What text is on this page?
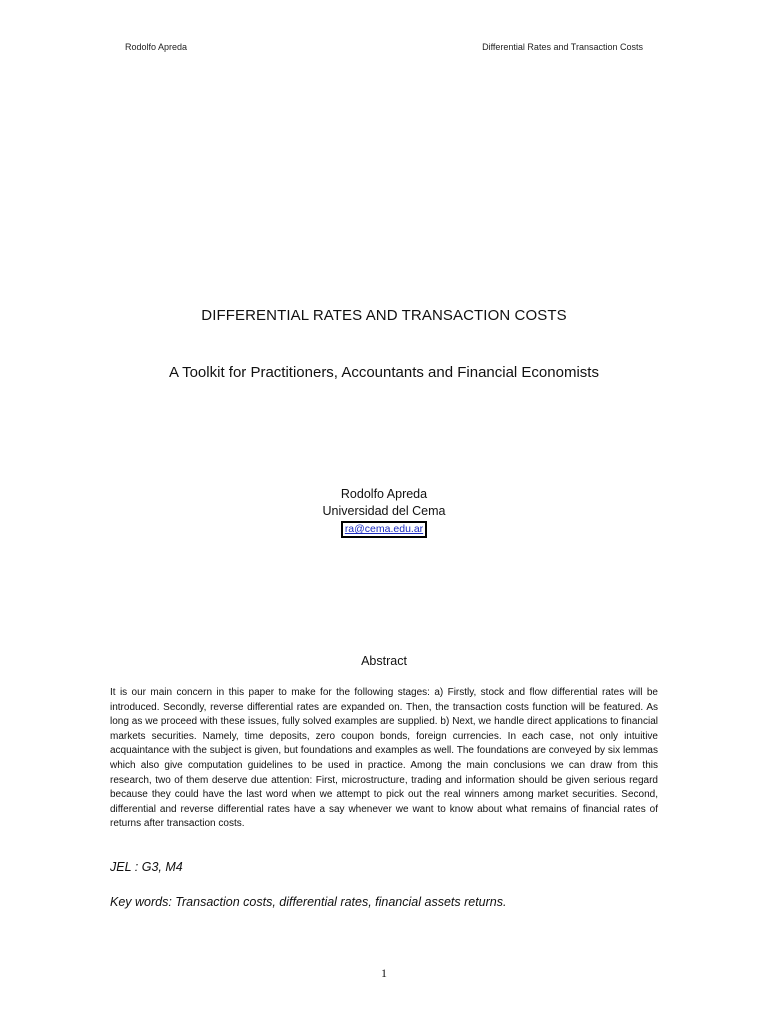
Rodolfo Apreda	Differential Rates and Transaction Costs
DIFFERENTIAL RATES AND TRANSACTION COSTS
A Toolkit for Practitioners, Accountants and Financial Economists
Rodolfo Apreda
Universidad del Cema
ra@cema.edu.ar
Abstract
It is our main concern in this paper to make for the following stages: a) Firstly, stock and flow differential rates will be introduced. Secondly, reverse differential rates are expanded on. Then, the transaction costs function will be featured. As long as we proceed with these issues, fully solved examples are supplied. b) Next, we handle direct applications to financial markets securities. Namely, time deposits, zero coupon bonds, foreign currencies. In each case, not only intuitive acquaintance with the subject is given, but foundations and examples as well. The foundations are conveyed by six lemmas which also give computation guidelines to be used in practice. Among the main conclusions we can draw from this research, two of them deserve due attention: First, microstructure, trading and information should be given serious regard because they could have the last word when we attempt to pick out the real winners among market securities. Second, differential and reverse differential rates have a say whenever we want to know about what remains of financial rates of returns after transaction costs.
JEL : G3, M4
Key words: Transaction costs, differential rates, financial assets returns.
1
